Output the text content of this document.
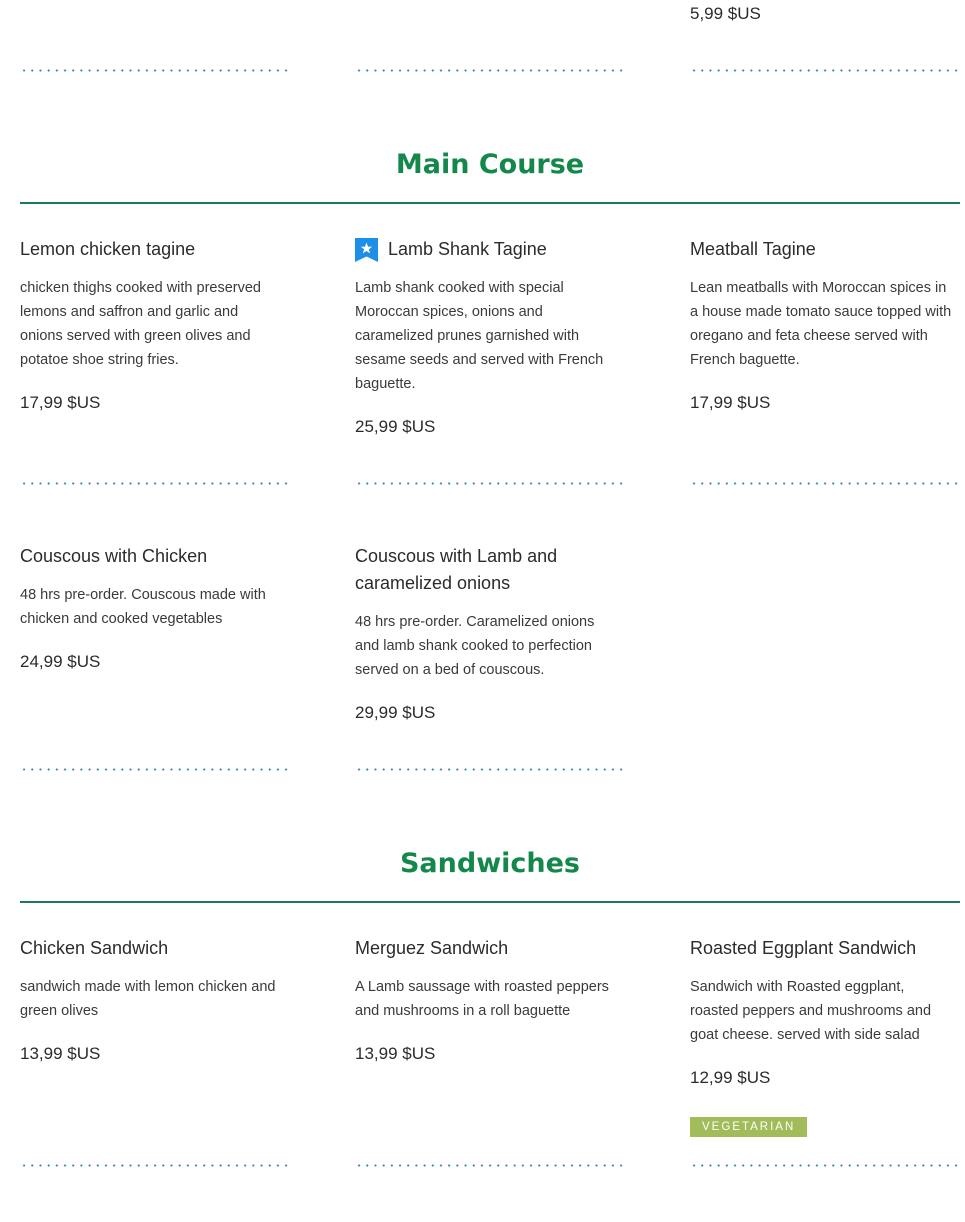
5,99 $US
Main Course
Lemon chicken tagine
chicken thighs cooked with preserved lemons and saffron and garlic and onions served with green olives and potatoe shoe string fries.
17,99 $US
Lamb Shank Tagine
Lamb shank cooked with special Moroccan spices, onions and caramelized prunes garnished with sesame seeds and served with French baguette.
25,99 $US
Meatball Tagine
Lean meatballs with Moroccan spices in a house made tomato sauce topped with oregano and feta cheese served with French baguette.
17,99 $US
Couscous with Chicken
48 hrs pre-order. Couscous made with chicken and cooked vegetables
24,99 $US
Couscous with Lamb and caramelized onions
48 hrs pre-order. Caramelized onions and lamb shank cooked to perfection served on a bed of couscous.
29,99 $US
Sandwiches
Chicken Sandwich
sandwich made with lemon chicken and green olives
13,99 $US
Merguez Sandwich
A Lamb saussage with roasted peppers and mushrooms in a roll baguette
13,99 $US
Roasted Eggplant Sandwich
Sandwich with Roasted eggplant, roasted peppers and mushrooms and goat cheese. served with side salad
12,99 $US
VEGETARIAN
